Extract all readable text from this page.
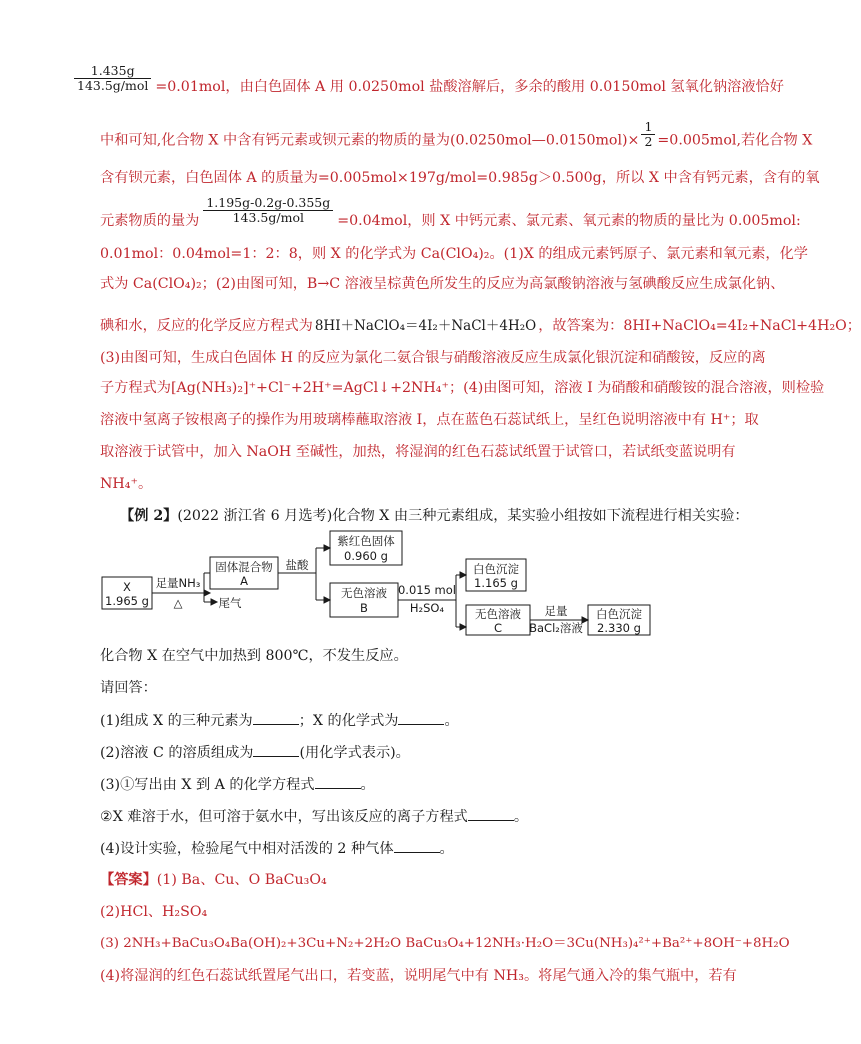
$\frac{1.435g}{\text{143.5g/mol}} =0.01mol$，由白色固体 A 用 0.0250mol 盐酸溶解后，多余的酸用 0.0150mol 氢氧化钠溶液恰好
中和可知,化合物 X 中含有钙元素或钡元素的物质的量为(0.0250mol—0.0150mol)× $\frac{1}{2} =0.005mol$,若化合物 X
含有钡元素，白色固体 A 的质量为=0.005mol×197g/mol=0.985g＞0.500g，所以 X 中含有钙元素，含有的氧
元素物质的量为 $\frac{1.195g-0.2g-0.355g}{\text{143.5g/mol}} =0.04mol$，则 X 中钙元素、氯元素、氧元素的物质的量比为 0.005mol:
0.01mol：0.04mol=1：2：8，则 X 的化学式为 Ca(ClO₄)₂。(1)X 的组成元素钙原子、氯元素和氧元素，化学
式为 Ca(ClO₄)₂；(2)由图可知，B→C 溶液呈棕黄色所发生的反应为高氯酸钠溶液与氢碘酸反应生成氯化钠、
碘和水，反应的化学反应方程式为 8HI＋NaClO₄＝4I₂＋NaCl＋4H₂O ，故答案为：8HI+NaClO₄=4I₂+NaCl+4H₂O；
(3)由图可知，生成白色固体 H 的反应为氯化二氨合银与硝酸溶液反应生成氯化银沉淀和硝酸铵，反应的离
子方程式为[Ag(NH₃)₂]⁺+Cl⁻+2H⁺=AgCl↓+2NH₄⁺；(4)由图可知，溶液 I 为硝酸和硝酸铵的混合溶液，则检验
溶液中氢离子铵根离子的操作为用玻璃棒蘸取溶液 I，点在蓝色石蕊试纸上，呈红色说明溶液中有 H⁺；取
取溶液于试管中，加入 NaOH 至碱性，加热，将湿润的红色石蕊试纸置于试管口，若试纸变蓝说明有
NH₄⁺。
【例 2】(2022 浙江省 6 月选考)化合物 X 由三种元素组成，某实验小组按如下流程进行相关实验：
X
1.965 g
足量NH₃
△
固体混合物
A
尾气
盐酸
紫红色固体
0.960 g
无色溶液
B
0.015 mol
H₂SO₄
白色沉淀
1.165 g
无色溶液
C
足量
BaCl₂溶液
白色沉淀
2.330 g
化合物 X 在空气中加热到 800℃，不发生反应。
请回答：
(1)组成 X 的三种元素为	；X 的化学式为	。
(2)溶液 C 的溶质组成为	(用化学式表示)。
(3)①写出由 X 到 A 的化学方程式	。
②X 难溶于水，但可溶于氨水中，写出该反应的离子方程式	。
(4)设计实验，检验尾气中相对活泼的 2 种气体	。
【答案】(1) Ba、Cu、O BaCu₃O₄
(2)HCl、H₂SO₄
(3) 2NH₃+BaCu₃O₄Ba(OH)₂+3Cu+N₂+2H₂O BaCu₃O₄+12NH₃·H₂O＝3Cu(NH₃)₄²⁺+Ba²⁺+8OH⁻+8H₂O
(4)将湿润的红色石蕊试纸置尾气出口，若变蓝，说明尾气中有 NH₃。将尾气通入冷的集气瓶中，若有
